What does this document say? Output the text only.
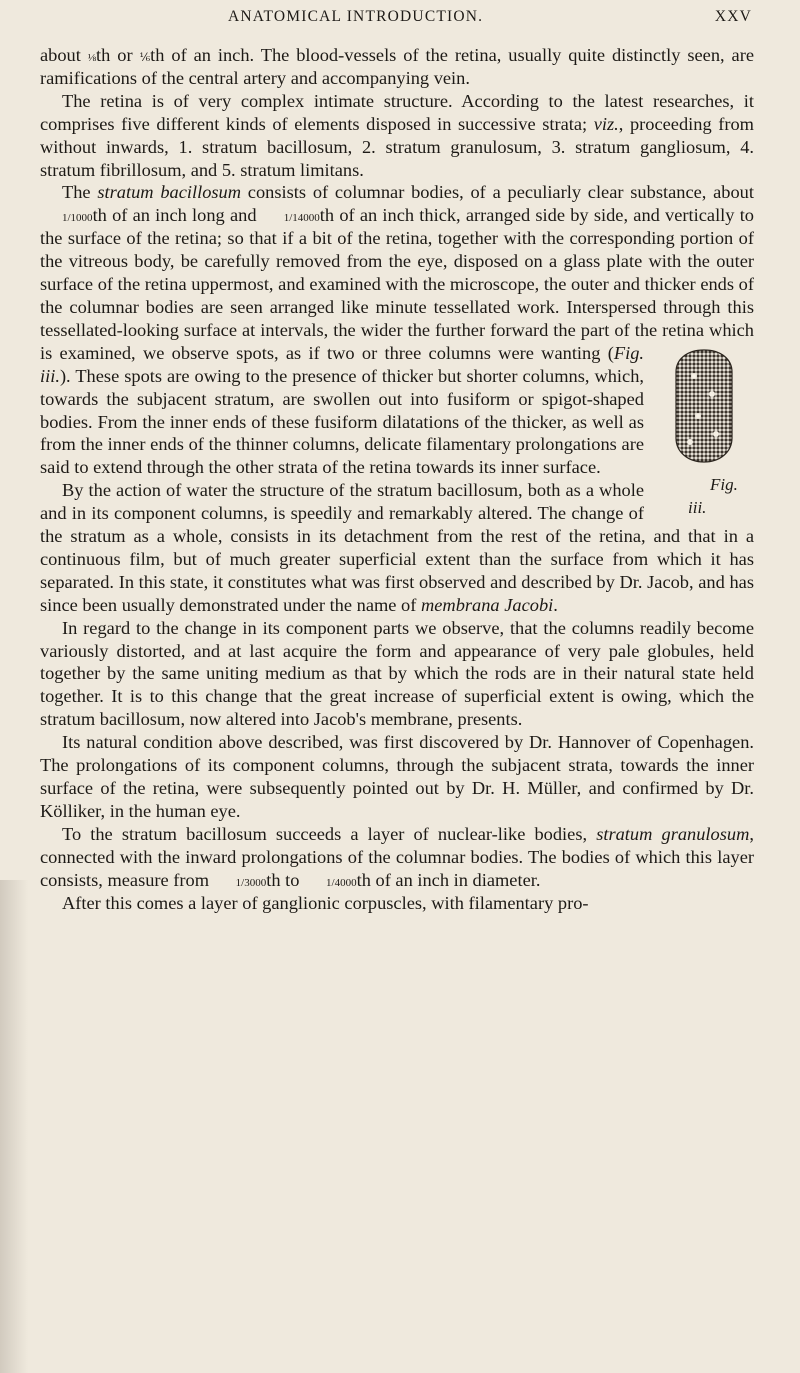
ANATOMICAL INTRODUCTION.	XXV

about ⅛th or ⅙th of an inch. The blood-vessels of the retina, usually quite distinctly seen, are ramifications of the central artery and accompanying vein.

The retina is of very complex intimate structure. According to the latest researches, it comprises five different kinds of elements disposed in successive strata; viz., proceeding from without inwards, 1. stratum bacillosum, 2. stratum granulosum, 3. stratum gangliosum, 4. stratum fibrillosum, and 5. stratum limitans.

The stratum bacillosum consists of columnar bodies, of a peculiarly clear substance, about 1/1000th of an inch long and 1/14000th of an inch thick, arranged side by side, and vertically to the surface of the retina; so that if a bit of the retina, together with the corresponding portion of the vitreous body, be carefully removed from the eye, disposed on a glass plate with the outer surface of the retina uppermost, and examined with the microscope, the outer and thicker ends of the columnar bodies are seen arranged like minute tessellated work. Interspersed through this tessellated-looking surface at intervals, the wider the further forward the part of the retina which is examined, we observe spots, as if two or three columns were wanting (
Fig. iii.
Fig. iii.). These spots are owing to the presence of thicker but shorter columns, which, towards the subjacent stratum, are swollen out into fusiform or spigot-shaped bodies. From the inner ends of these fusiform dilatations of the thicker, as well as from the inner ends of the thinner columns, delicate filamentary prolongations are said to extend through the other strata of the retina towards its inner surface.

By the action of water the structure of the stratum bacillosum, both as a whole and in its component columns, is speedily and remarkably altered. The change of the stratum as a whole, consists in its detachment from the rest of the retina, and that in a continuous film, but of much greater superficial extent than the surface from which it has separated. In this state, it constitutes what was first observed and described by Dr. Jacob, and has since been usually demonstrated under the name of membrana Jacobi.

In regard to the change in its component parts we observe, that the columns readily become variously distorted, and at last acquire the form and appearance of very pale globules, held together by the same uniting medium as that by which the rods are in their natural state held together. It is to this change that the great increase of superficial extent is owing, which the stratum bacillosum, now altered into Jacob's membrane, presents.

Its natural condition above described, was first discovered by Dr. Hannover of Copenhagen. The prolongations of its component columns, through the subjacent strata, towards the inner surface of the retina, were subsequently pointed out by Dr. H. Müller, and confirmed by Dr. Kölliker, in the human eye.

To the stratum bacillosum succeeds a layer of nuclear-like bodies, stratum granulosum, connected with the inward prolongations of the columnar bodies. The bodies of which this layer consists, measure from 1/3000th to 1/4000th of an inch in diameter.

After this comes a layer of ganglionic corpuscles, with filamentary pro-
